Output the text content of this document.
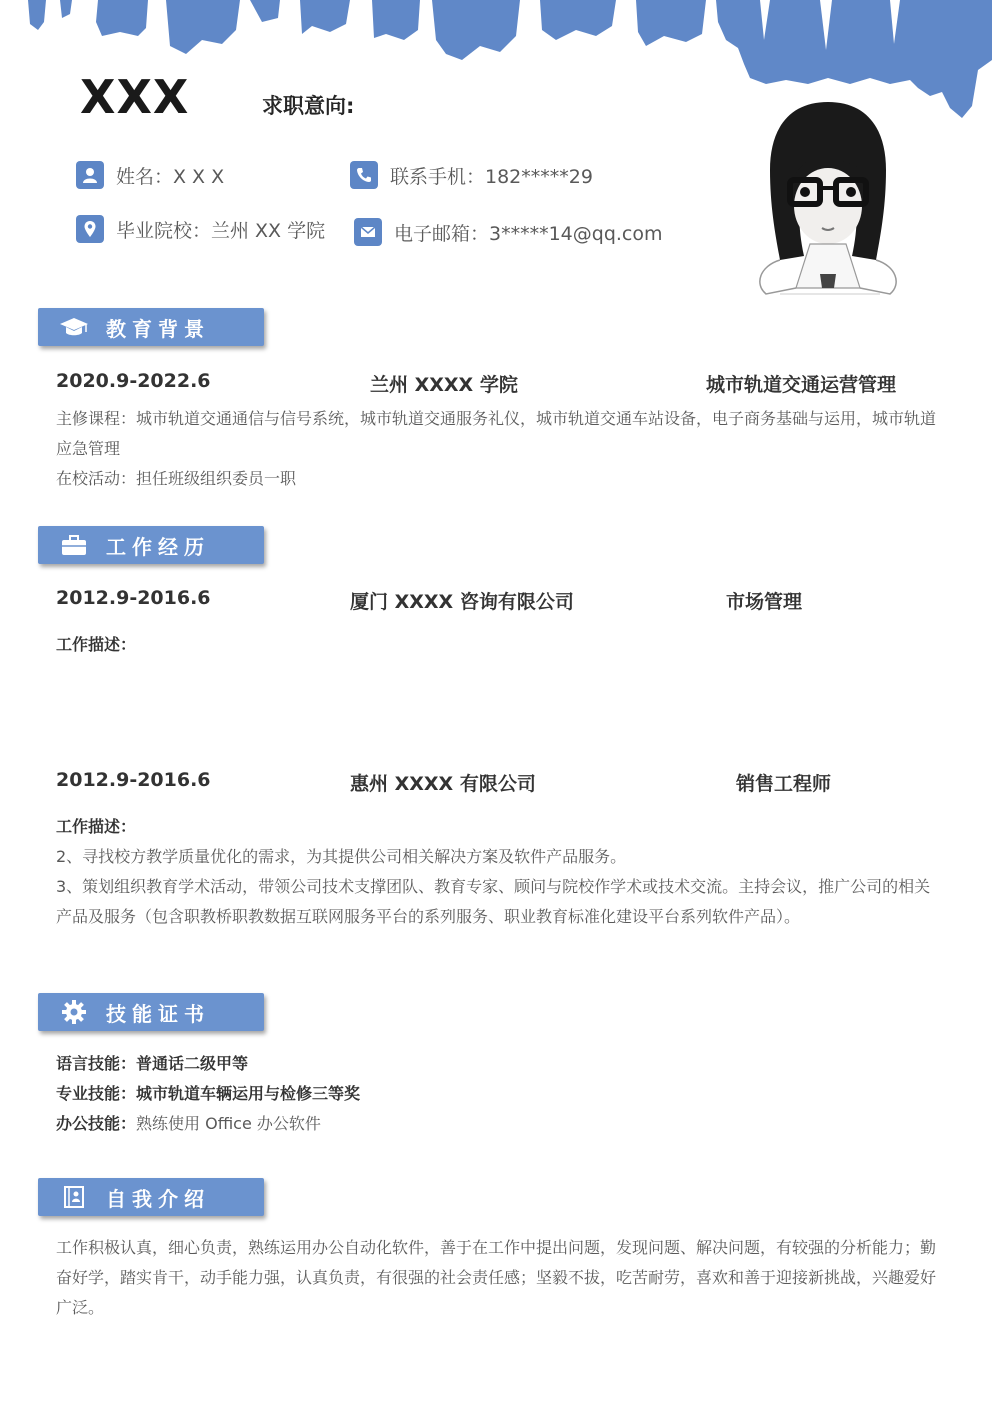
XXX	求职意向:
姓名：X X X	联系手机：182*****29
毕业院校：兰州 XX 学院	电子邮箱：3*****14@qq.com
教育背景
2020.9-2022.6	兰州 XXXX 学院	城市轨道交通运营管理
主修课程：城市轨道交通通信与信号系统，城市轨道交通服务礼仪，城市轨道交通车站设备，电子商务基础与运用，城市轨道应急管理
在校活动：担任班级组织委员一职
工作经历
2012.9-2016.6	厦门 XXXX 咨询有限公司	市场管理
工作描述：
2012.9-2016.6	惠州 XXXX 有限公司	销售工程师
工作描述：
2、寻找校方教学质量优化的需求，为其提供公司相关解决方案及软件产品服务。
3、策划组织教育学术活动，带领公司技术支撑团队、教育专家、顾问与院校作学术或技术交流。主持会议，推广公司的相关产品及服务（包含职教桥职教数据互联网服务平台的系列服务、职业教育标准化建设平台系列软件产品）。
技能证书
语言技能：普通话二级甲等
专业技能：城市轨道车辆运用与检修三等奖
办公技能：熟练使用 Office 办公软件
自我介绍
工作积极认真，细心负责，熟练运用办公自动化软件，善于在工作中提出问题，发现问题、解决问题，有较强的分析能力；勤奋好学，踏实肯干，动手能力强，认真负责，有很强的社会责任感；坚毅不拔，吃苦耐劳，喜欢和善于迎接新挑战，兴趣爱好广泛。
